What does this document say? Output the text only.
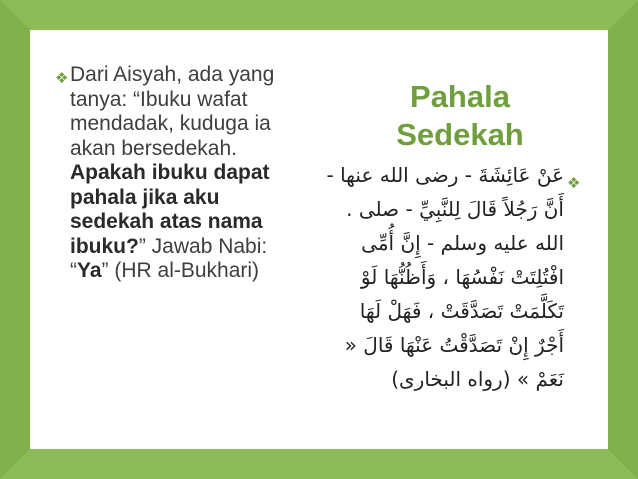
❖ Dari Aisyah, ada yang tanya: “Ibuku wafat mendadak, kuduga ia akan bersedekah. Apakah ibuku dapat pahala jika aku sedekah atas nama ibuku?” Jawab Nabi: “Ya” (HR al-Bukhari)
Pahala
Sedekah
❖
عَنْ عَائِشَةَ - رضى الله عنها -
أَنَّ رَجُلاً قَالَ لِلنَّبِيِّ - صلى .
الله عليه وسلم - إِنَّ أُمِّى
افْتُلِتَتْ نَفْسُهَا ، وَأَظُنُّهَا لَوْ
تَكَلَّمَتْ تَصَدَّقَتْ ، فَهَلْ لَهَا
أَجْرٌ إِنْ تَصَدَّقْتُ عَنْهَا قَالَ «
نَعَمْ » (رواه البخارى)
